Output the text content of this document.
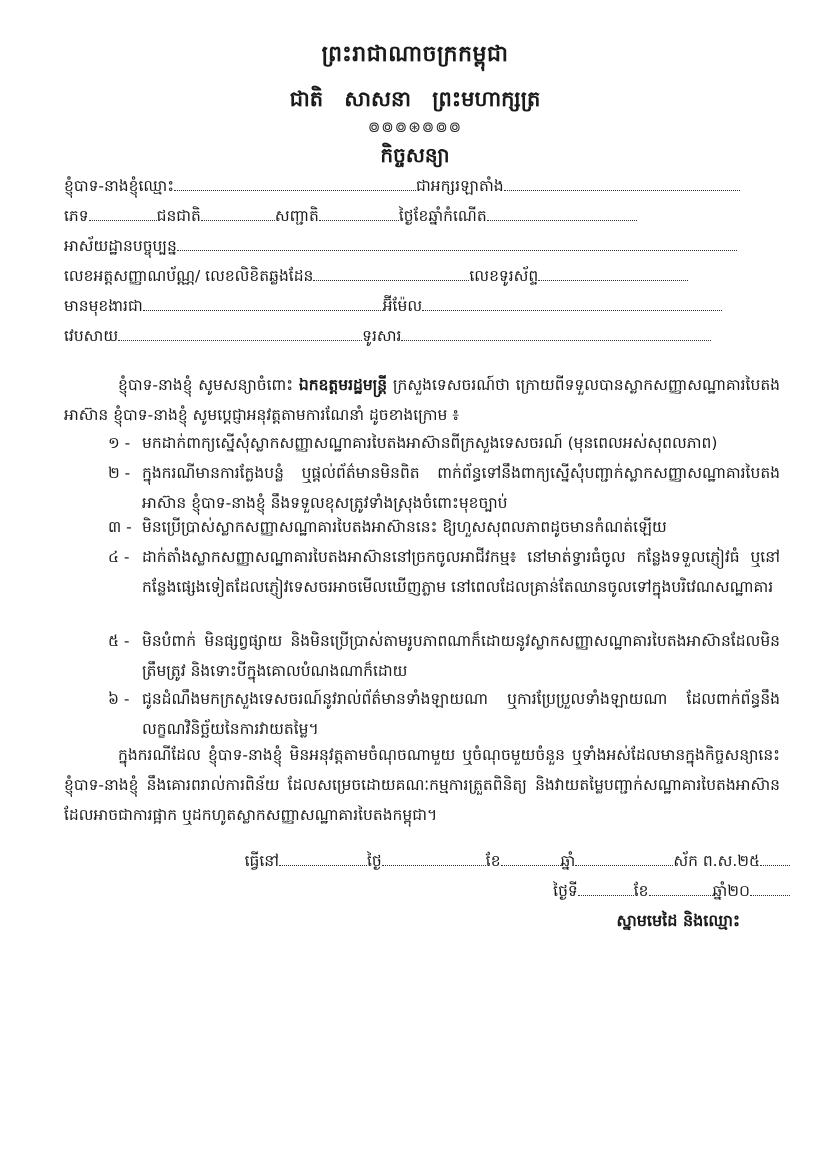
ព្រះរាជាណាចក្រកម្ពុជា
ជាតិ សាសនា ព្រះមហាក្សត្រ
៙៙៙⊛៙៙៙
កិច្ចសន្យា
ខ្ញុំបាទ-នាងខ្ញុំឈ្មោះ	ជាអក្សរឡាតាំង
ភេទ	ជនជាតិ	សញ្ជាតិ	ថ្ងៃខែឆ្នាំកំណើត
អាស័យដ្ឋានបច្ចុប្បន្ន
លេខអត្តសញ្ញាណប័ណ្ណ/ លេខលិខិតឆ្លងដែន	លេខទូរស័ព្ទ
មានមុខងារជា	អ៊ីម៉ែល
វេបសាយ	ទូរសារ
ខ្ញុំបាទ-នាងខ្ញុំ សូមសន្យាចំពោះ ឯកឧត្តមរដ្ឋមន្ត្រី ក្រសួងទេសចរណ៍ថា ក្រោយពីទទួលបានស្លាកសញ្ញាសណ្ឋាគារបៃតងអាស៊ាន ខ្ញុំបាទ-នាងខ្ញុំ សូមប្តេជ្ញាអនុវត្តតាមការណែនាំ ដូចខាងក្រោម ៖
១ - មកដាក់ពាក្យស្នើសុំស្លាកសញ្ញាសណ្ឋាគារបៃតងអាស៊ានពីក្រសួងទេសចរណ៍ (មុនពេលអស់សុពលភាព)
២ - ក្នុងករណីមានការក្លែងបន្លំ ឬផ្តល់ព័ត៌មានមិនពិត ពាក់ព័ន្ធទៅនឹងពាក្យស្នើសុំបញ្ជាក់ស្លាកសញ្ញាសណ្ឋាគារបៃតងអាស៊ាន ខ្ញុំបាទ-នាងខ្ញុំ នឹងទទួលខុសត្រូវទាំងស្រុងចំពោះមុខច្បាប់
៣ - មិនប្រើប្រាស់ស្លាកសញ្ញាសណ្ឋាគារបៃតងអាស៊ាននេះ ឱ្យហួសសុពលភាពដូចមានកំណត់ឡើយ
៤ - ដាក់តាំងស្លាកសញ្ញាសណ្ឋាគារបៃតងអាស៊ាននៅច្រកចូលអាជីវកម្ម៖ នៅមាត់ទ្វារធំចូល កន្លែងទទួលភ្ញៀវធំ ឬនៅកន្លែងផ្សេងទៀតដែលភ្ញៀវទេសចរអាចមើលឃើញភ្លាម នៅពេលដែលគ្រាន់តែឈានចូលទៅក្នុងបរិវេណសណ្ឋាគារ
៥ - មិនបំពាក់ មិនផ្សព្វផ្សាយ និងមិនប្រើប្រាស់តាមរូបភាពណាក៏ដោយនូវស្លាកសញ្ញាសណ្ឋាគារបៃតងអាស៊ានដែលមិនត្រឹមត្រូវ និងទោះបីក្នុងគោលបំណងណាក៏ដោយ
៦ - ជូនដំណឹងមកក្រសួងទេសចរណ៍នូវរាល់ព័ត៌មានទាំងឡាយណា ឬការប្រែប្រួលទាំងឡាយណា ដែលពាក់ព័ន្ធនឹងលក្ខណវិនិច្ឆ័យនៃការវាយតម្លៃ។
ក្នុងករណីដែល ខ្ញុំបាទ-នាងខ្ញុំ មិនអនុវត្តតាមចំណុចណាមួយ ឬចំណុចមួយចំនួន ឬទាំងអស់ដែលមានក្នុងកិច្ចសន្យានេះ ខ្ញុំបាទ-នាងខ្ញុំ នឹងគោរពរាល់ការពិន័យ ដែលសម្រេចដោយគណៈកម្មការត្រួតពិនិត្យ និងវាយតម្លៃបញ្ជាក់សណ្ឋាគារបៃតងអាស៊ាន ដែលអាចជាការផ្អាក ឬដកហូតស្លាកសញ្ញាសណ្ឋាគារបៃតងកម្ពុជា។
ធ្វើនៅ	ថ្ងៃ	ខែ	ឆ្នាំ	ស័ក ព.ស.២៥
ថ្ងៃទី	ខែ	ឆ្នាំ២០
ស្នាមមេដៃ និងឈ្មោះ
